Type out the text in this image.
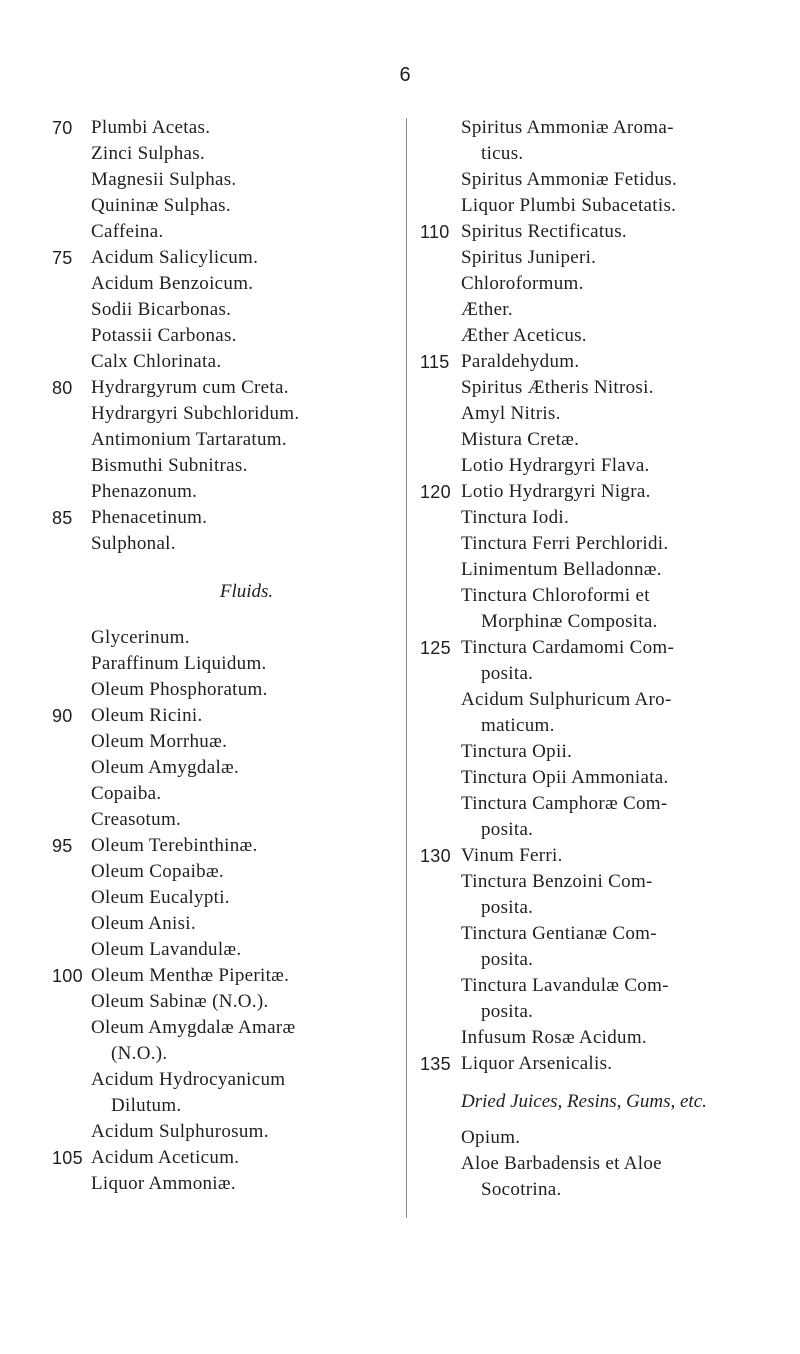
6
70 Plumbi Acetas.
Zinci Sulphas.
Magnesii Sulphas.
Quininæ Sulphas.
Caffeina.
75 Acidum Salicylicum.
Acidum Benzoicum.
Sodii Bicarbonas.
Potassii Carbonas.
Calx Chlorinata.
80 Hydrargyrum cum Creta.
Hydrargyri Subchloridum.
Antimonium Tartaratum.
Bismuthi Subnitras.
Phenazonum.
85 Phenacetinum.
Sulphonal.
Fluids.
Glycerinum.
Paraffinum Liquidum.
Oleum Phosphoratum.
90 Oleum Ricini.
Oleum Morrhuæ.
Oleum Amygdalæ.
Copaiba.
Creasotum.
95 Oleum Terebinthinæ.
Oleum Copaibæ.
Oleum Eucalypti.
Oleum Anisi.
Oleum Lavandulæ.
100 Oleum Menthæ Piperitæ.
Oleum Sabinæ (N.O.).
Oleum Amygdalæ Amaræ
(N.O.).
Acidum Hydrocyanicum
Dilutum.
Acidum Sulphurosum.
105 Acidum Aceticum.
Liquor Ammoniæ.
Spiritus Ammoniæ Aroma-
ticus.
Spiritus Ammoniæ Fetidus.
Liquor Plumbi Subacetatis.
110 Spiritus Rectificatus.
Spiritus Juniperi.
Chloroformum.
Æther.
Æther Aceticus.
115 Paraldehydum.
Spiritus Ætheris Nitrosi.
Amyl Nitris.
Mistura Cretæ.
Lotio Hydrargyri Flava.
120 Lotio Hydrargyri Nigra.
Tinctura Iodi.
Tinctura Ferri Perchloridi.
Linimentum Belladonnæ.
Tinctura Chloroformi et
Morphinæ Composita.
125 Tinctura Cardamomi Com-
posita.
Acidum Sulphuricum Aro-
maticum.
Tinctura Opii.
Tinctura Opii Ammoniata.
Tinctura Camphoræ Com-
posita.
130 Vinum Ferri.
Tinctura Benzoini Com-
posita.
Tinctura Gentianæ Com-
posita.
Tinctura Lavandulæ Com-
posita.
Infusum Rosæ Acidum.
135 Liquor Arsenicalis.
Dried Juices, Resins, Gums, etc.
Opium.
Aloe Barbadensis et Aloe
Socotrina.
